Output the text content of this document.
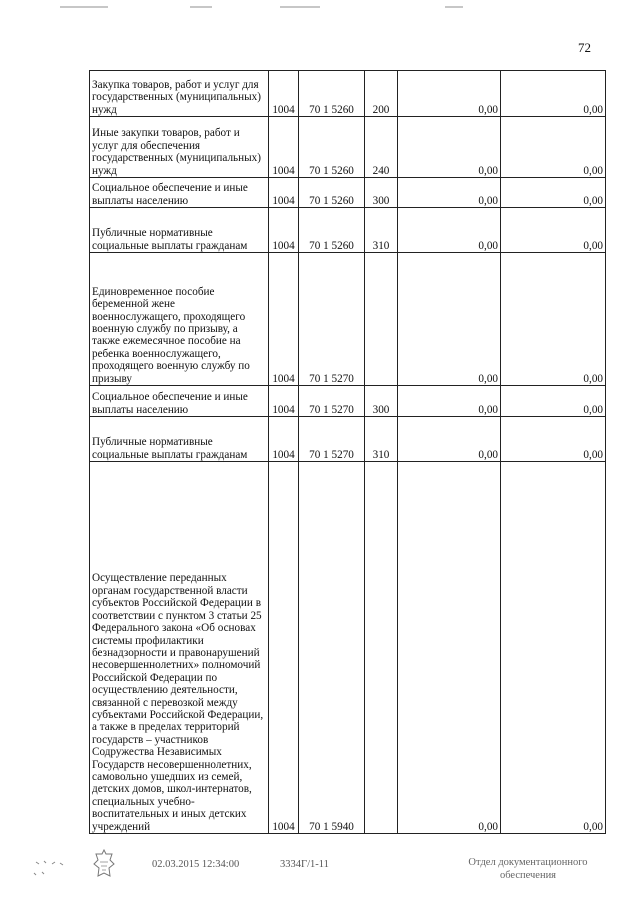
72
Закупка товаров, работ и услуг для государственных (муниципальных) нужд	1004	70 1 5260	200	0,00	0,00
Иные закупки товаров, работ и услуг для обеспечения государственных (муниципальных) нужд	1004	70 1 5260	240	0,00	0,00
Социальное обеспечение и иные выплаты населению	1004	70 1 5260	300	0,00	0,00
Публичные нормативные социальные выплаты гражданам	1004	70 1 5260	310	0,00	0,00
Единовременное пособие беременной жене военнослужащего, проходящего военную службу по призыву, а также ежемесячное пособие на ребенка военнослужащего, проходящего военную службу по призыву	1004	70 1 5270		0,00	0,00
Социальное обеспечение и иные выплаты населению	1004	70 1 5270	300	0,00	0,00
Публичные нормативные социальные выплаты гражданам	1004	70 1 5270	310	0,00	0,00
Осуществление переданных органам государственной власти субъектов Российской Федерации в соответствии с пунктом 3 статьи 25 Федерального закона «Об основах системы профилактики безнадзорности и правонарушений несовершеннолетних» полномочий Российской Федерации по осуществлению деятельности, связанной с перевозкой между субъектами Российской Федерации, а также в пределах территорий государств – участников Содружества Независимых Государств несовершеннолетних, самовольно ушедших из семей, детских домов, школ-интернатов, специальных учебно-воспитательных и иных детских учреждений	1004	70 1 5940		0,00	0,00
02.03.2015 12:34:00	3334Г/1-11	Отдел документационного
обеспечения
